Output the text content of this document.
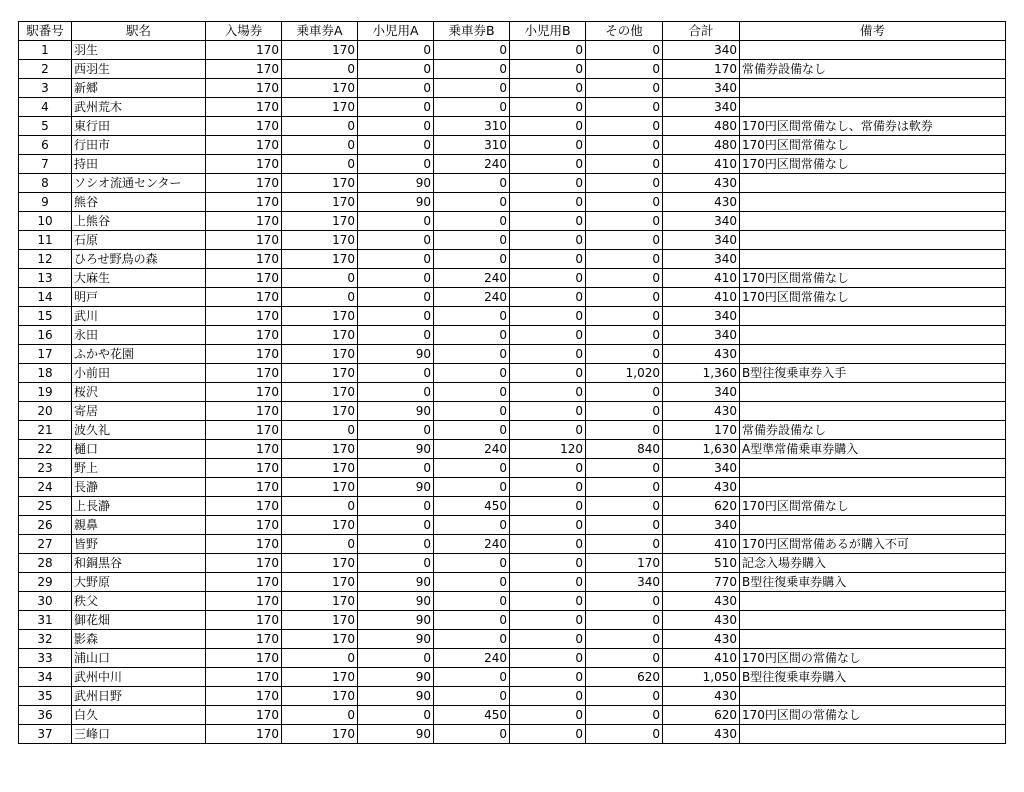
駅番号	駅名	入場券	乗車券A	小児用A	乗車券B	小児用B	その他	合計	備考
1	羽生	170	170	0	0	0	0	340	
2	西羽生	170	0	0	0	0	0	170	常備券設備なし
3	新郷	170	170	0	0	0	0	340	
4	武州荒木	170	170	0	0	0	0	340	
5	東行田	170	0	0	310	0	0	480	170円区間常備なし、常備券は軟券
6	行田市	170	0	0	310	0	0	480	170円区間常備なし
7	持田	170	0	0	240	0	0	410	170円区間常備なし
8	ソシオ流通センター	170	170	90	0	0	0	430	
9	熊谷	170	170	90	0	0	0	430	
10	上熊谷	170	170	0	0	0	0	340	
11	石原	170	170	0	0	0	0	340	
12	ひろせ野鳥の森	170	170	0	0	0	0	340	
13	大麻生	170	0	0	240	0	0	410	170円区間常備なし
14	明戸	170	0	0	240	0	0	410	170円区間常備なし
15	武川	170	170	0	0	0	0	340	
16	永田	170	170	0	0	0	0	340	
17	ふかや花園	170	170	90	0	0	0	430	
18	小前田	170	170	0	0	0	1,020	1,360	B型往復乗車券入手
19	桜沢	170	170	0	0	0	0	340	
20	寄居	170	170	90	0	0	0	430	
21	波久礼	170	0	0	0	0	0	170	常備券設備なし
22	樋口	170	170	90	240	120	840	1,630	A型準常備乗車券購入
23	野上	170	170	0	0	0	0	340	
24	長瀞	170	170	90	0	0	0	430	
25	上長瀞	170	0	0	450	0	0	620	170円区間常備なし
26	親鼻	170	170	0	0	0	0	340	
27	皆野	170	0	0	240	0	0	410	170円区間常備あるが購入不可
28	和銅黒谷	170	170	0	0	0	170	510	記念入場券購入
29	大野原	170	170	90	0	0	340	770	B型往復乗車券購入
30	秩父	170	170	90	0	0	0	430	
31	御花畑	170	170	90	0	0	0	430	
32	影森	170	170	90	0	0	0	430	
33	浦山口	170	0	0	240	0	0	410	170円区間の常備なし
34	武州中川	170	170	90	0	0	620	1,050	B型往復乗車券購入
35	武州日野	170	170	90	0	0	0	430	
36	白久	170	0	0	450	0	0	620	170円区間の常備なし
37	三峰口	170	170	90	0	0	0	430	
